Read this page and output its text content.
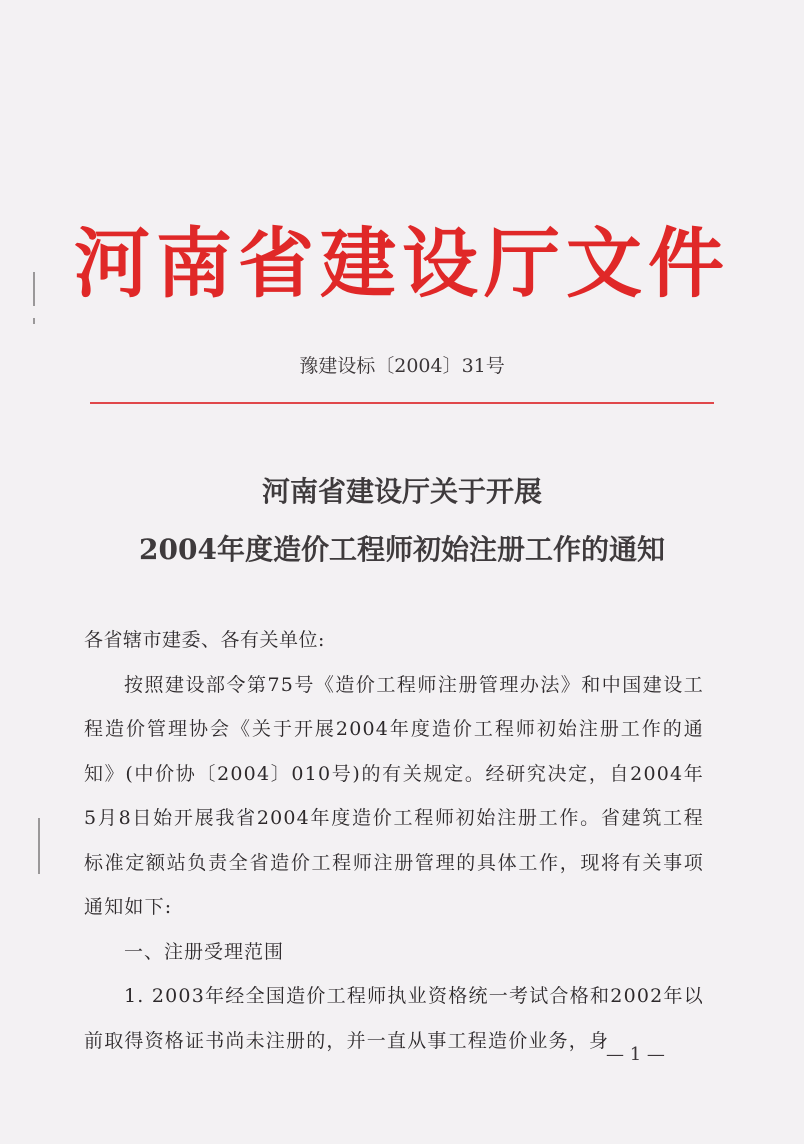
河南省建设厅文件
豫建设标〔2004〕31号
河南省建设厅关于开展
2004年度造价工程师初始注册工作的通知

各省辖市建委、各有关单位:

按照建设部令第75号《造价工程师注册管理办法》和中国建设工程造价管理协会《关于开展2004年度造价工程师初始注册工作的通知》(中价协〔2004〕010号)的有关规定。经研究决定，自2004年5月8日始开展我省2004年度造价工程师初始注册工作。省建筑工程标准定额站负责全省造价工程师注册管理的具体工作，现将有关事项通知如下:

一、注册受理范围

1. 2003年经全国造价工程师执业资格统一考试合格和2002年以前取得资格证书尚未注册的，并一直从事工程造价业务，身

— 1 —
